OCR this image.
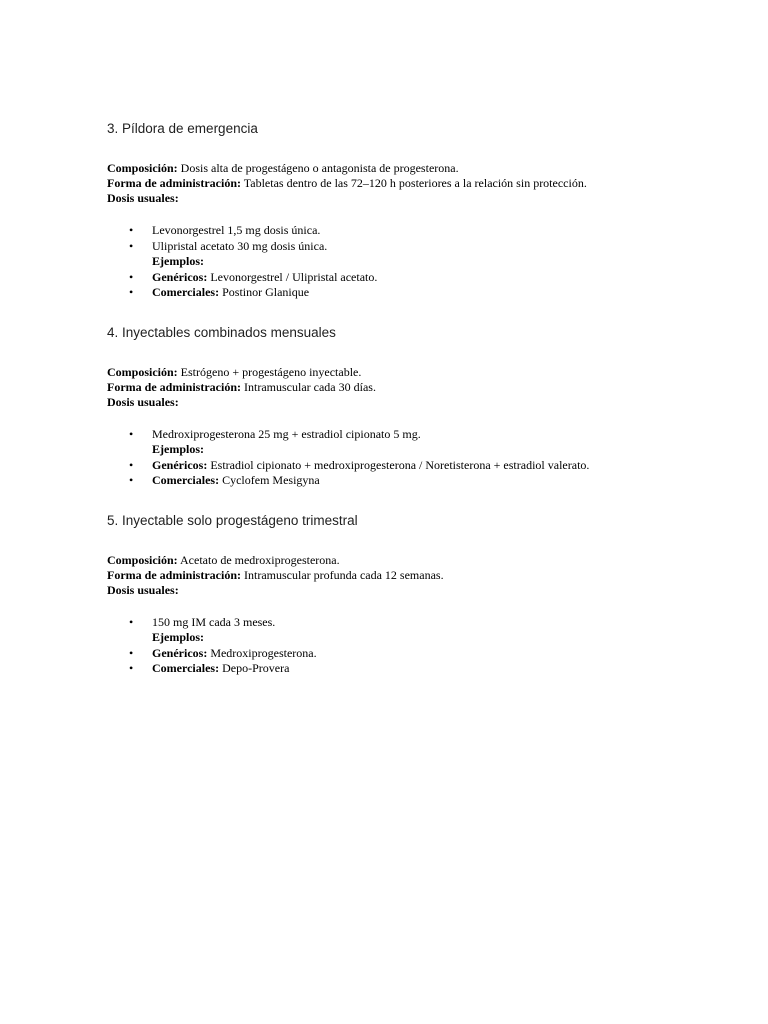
3. Píldora de emergencia

Composición: Dosis alta de progestágeno o antagonista de progesterona.

Forma de administración: Tabletas dentro de las 72–120 h posteriores a la relación sin protección.

Dosis usuales:

• Levonorgestrel 1,5 mg dosis única.
• Ulipristal acetato 30 mg dosis única.
Ejemplos:
• Genéricos: Levonorgestrel / Ulipristal acetato.
• Comerciales: Postinor Glanique
4. Inyectables combinados mensuales

Composición: Estrógeno + progestágeno inyectable.

Forma de administración: Intramuscular cada 30 días.

Dosis usuales:

• Medroxiprogesterona 25 mg + estradiol cipionato 5 mg.
Ejemplos:
• Genéricos: Estradiol cipionato + medroxiprogesterona / Noretisterona + estradiol valerato.
• Comerciales: Cyclofem Mesigyna
5. Inyectable solo progestágeno trimestral

Composición: Acetato de medroxiprogesterona.

Forma de administración: Intramuscular profunda cada 12 semanas.

Dosis usuales:

• 150 mg IM cada 3 meses.
Ejemplos:
• Genéricos: Medroxiprogesterona.
• Comerciales: Depo-Provera
